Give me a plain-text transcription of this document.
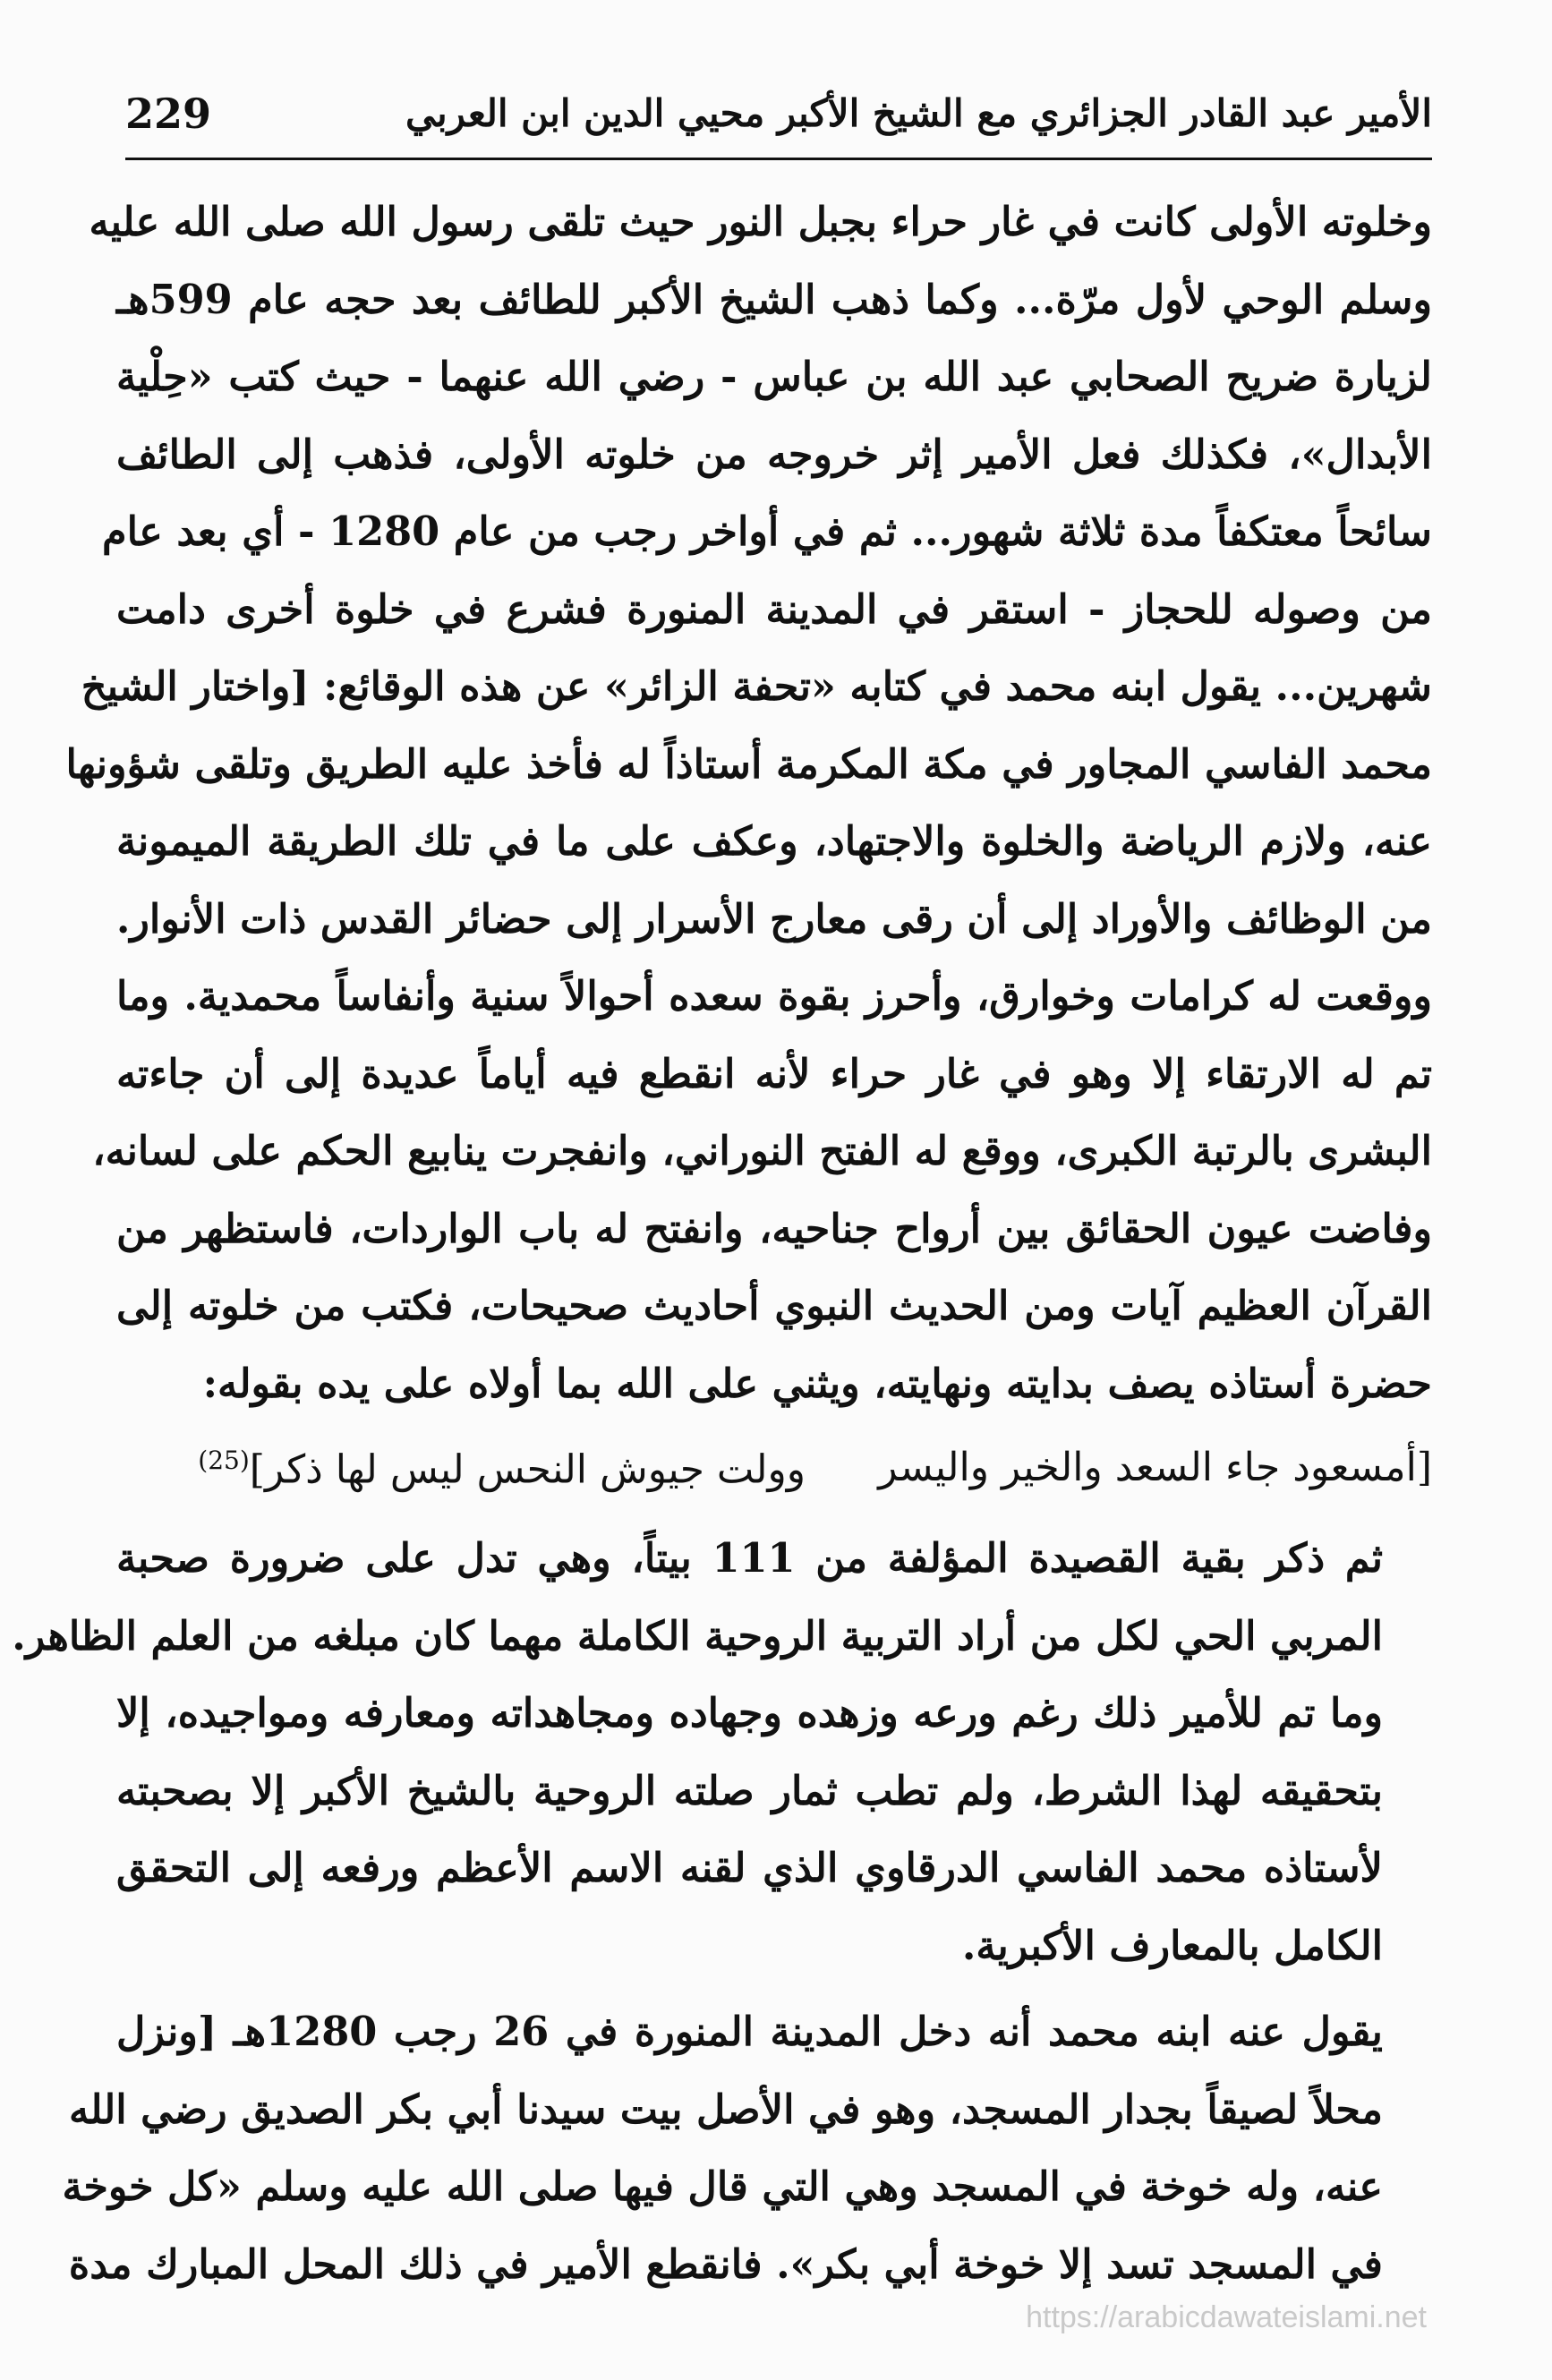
الأمير عبد القادر الجزائري مع الشيخ الأكبر محيي الدين ابن العربي
229

وخلوته الأولى كانت في غار حراء بجبل النور حيث تلقى رسول الله صلى الله عليه
وسلم الوحي لأول مرّة... وكما ذهب الشيخ الأكبر للطائف بعد حجه عام 599هـ
لزيارة ضريح الصحابي عبد الله بن عباس - رضي الله عنهما - حيث كتب «حِلْية
الأبدال»، فكذلك فعل الأمير إثر خروجه من خلوته الأولى، فذهب إلى الطائف
سائحاً معتكفاً مدة ثلاثة شهور... ثم في أواخر رجب من عام 1280 - أي بعد عام
من وصوله للحجاز - استقر في المدينة المنورة فشرع في خلوة أخرى دامت
شهرين... يقول ابنه محمد في كتابه «تحفة الزائر» عن هذه الوقائع: [واختار الشيخ
محمد الفاسي المجاور في مكة المكرمة أستاذاً له فأخذ عليه الطريق وتلقى شؤونها
عنه، ولازم الرياضة والخلوة والاجتهاد، وعكف على ما في تلك الطريقة الميمونة
من الوظائف والأوراد إلى أن رقى معارج الأسرار إلى حضائر القدس ذات الأنوار.
ووقعت له كرامات وخوارق، وأحرز بقوة سعده أحوالاً سنية وأنفاساً محمدية. وما
تم له الارتقاء إلا وهو في غار حراء لأنه انقطع فيه أياماً عديدة إلى أن جاءته
البشرى بالرتبة الكبرى، ووقع له الفتح النوراني، وانفجرت ينابيع الحكم على لسانه،
وفاضت عيون الحقائق بين أرواح جناحيه، وانفتح له باب الواردات، فاستظهر من
القرآن العظيم آيات ومن الحديث النبوي أحاديث صحيحات، فكتب من خلوته إلى
حضرة أستاذه يصف بدايته ونهايته، ويثني على الله بما أولاه على يده بقوله:

[أمسعود جاء السعد والخير واليسر
وولت جيوش النحس ليس لها ذكر]$^{(25)}$

ثم ذكر بقية القصيدة المؤلفة من 111 بيتاً، وهي تدل على ضرورة صحبة
المربي الحي لكل من أراد التربية الروحية الكاملة مهما كان مبلغه من العلم الظاهر.
وما تم للأمير ذلك رغم ورعه وزهده وجهاده ومجاهداته ومعارفه ومواجيده، إلا
بتحقيقه لهذا الشرط، ولم تطب ثمار صلته الروحية بالشيخ الأكبر إلا بصحبته
لأستاذه محمد الفاسي الدرقاوي الذي لقنه الاسم الأعظم ورفعه إلى التحقق
الكامل بالمعارف الأكبرية.

يقول عنه ابنه محمد أنه دخل المدينة المنورة في 26 رجب 1280هـ [ونزل
محلاً لصيقاً بجدار المسجد، وهو في الأصل بيت سيدنا أبي بكر الصديق رضي الله
عنه، وله خوخة في المسجد وهي التي قال فيها صلى الله عليه وسلم «كل خوخة
في المسجد تسد إلا خوخة أبي بكر». فانقطع الأمير في ذلك المحل المبارك مدة

https://arabicdawateislami.net
